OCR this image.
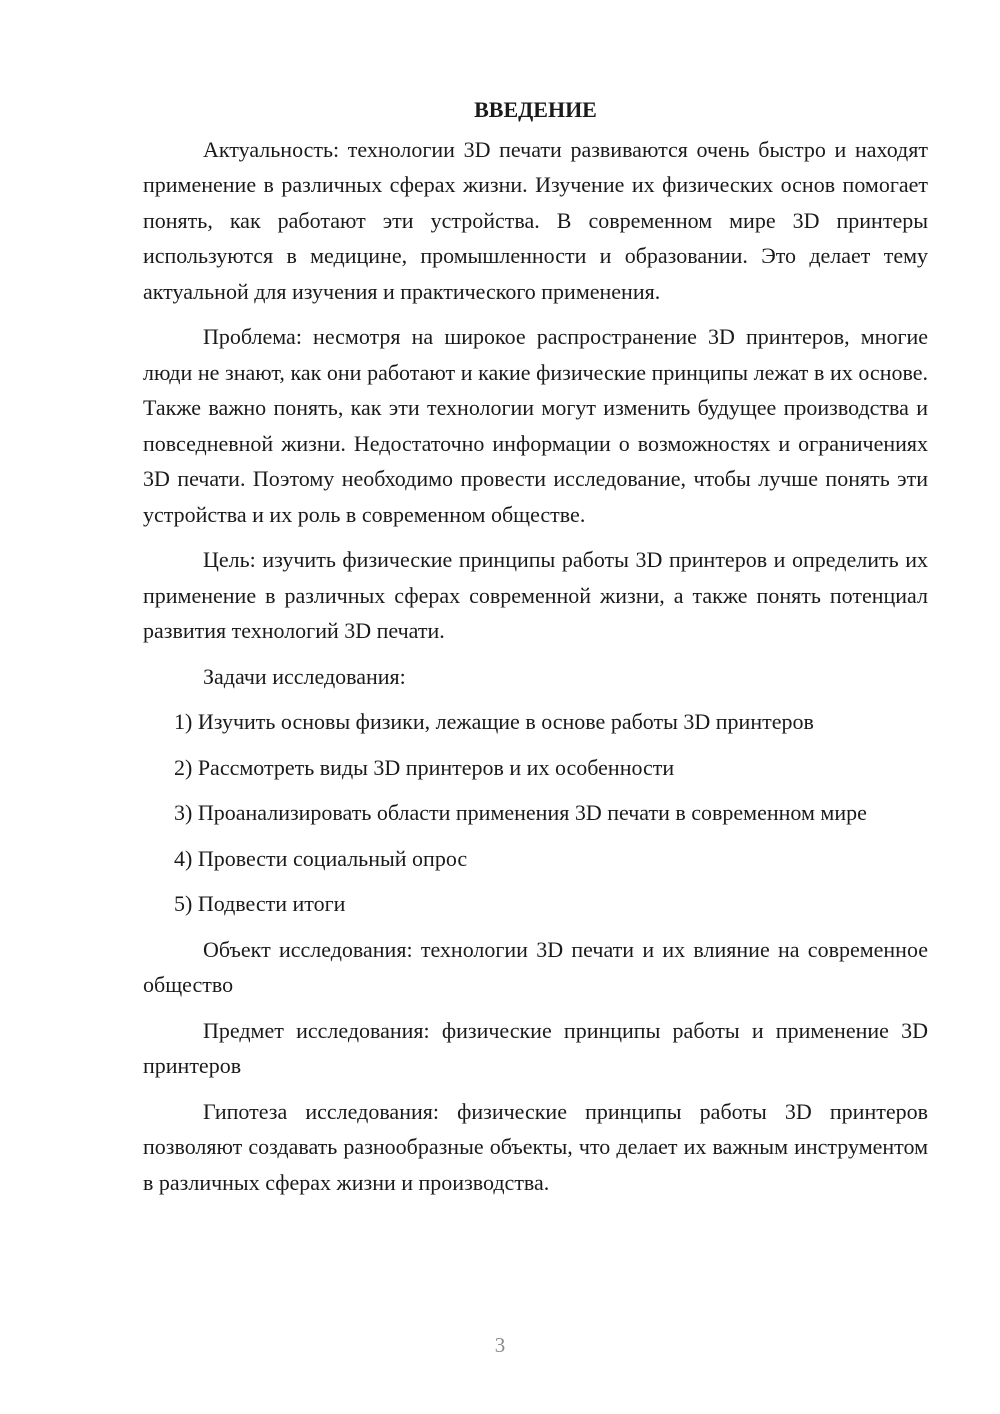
ВВЕДЕНИЕ

Актуальность: технологии 3D печати развиваются очень быстро и находят применение в различных сферах жизни. Изучение их физических основ помогает понять, как работают эти устройства. В современном мире 3D принтеры используются в медицине, промышленности и образовании. Это делает тему актуальной для изучения и практического применения.

Проблема: несмотря на широкое распространение 3D принтеров, многие люди не знают, как они работают и какие физические принципы лежат в их основе. Также важно понять, как эти технологии могут изменить будущее производства и повседневной жизни. Недостаточно информации о возможностях и ограничениях 3D печати. Поэтому необходимо провести исследование, чтобы лучше понять эти устройства и их роль в современном обществе.

Цель: изучить физические принципы работы 3D принтеров и определить их применение в различных сферах современной жизни, а также понять потенциал развития технологий 3D печати.

Задачи исследования:

1) Изучить основы физики, лежащие в основе работы 3D принтеров

2) Рассмотреть виды 3D принтеров и их особенности

3) Проанализировать области применения 3D печати в современном мире

4) Провести социальный опрос

5) Подвести итоги

Объект исследования: технологии 3D печати и их влияние на современное общество

Предмет исследования: физические принципы работы и применение 3D принтеров

Гипотеза исследования: физические принципы работы 3D принтеров позволяют создавать разнообразные объекты, что делает их важным инструментом в различных сферах жизни и производства.

3
